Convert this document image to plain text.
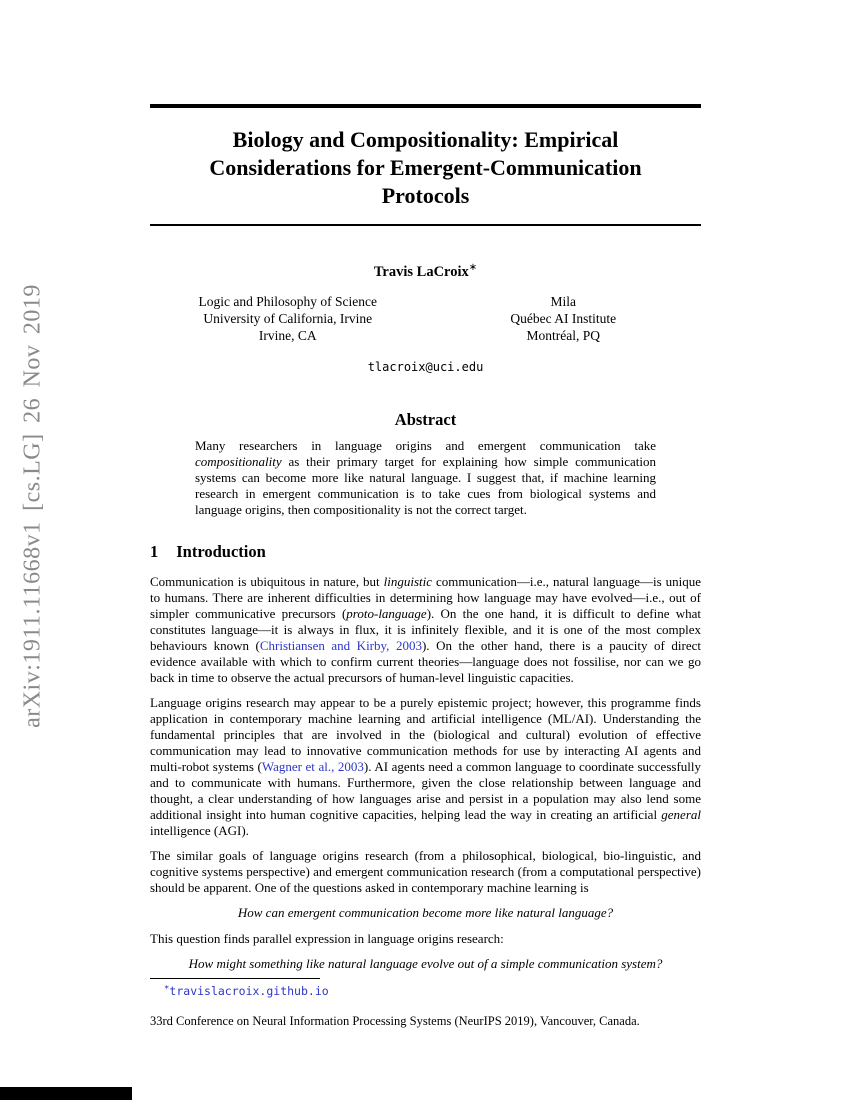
arXiv:1911.11668v1 [cs.LG] 26 Nov 2019
Biology and Compositionality: Empirical
Considerations for Emergent-Communication
Protocols
Travis LaCroix∗
Logic and Philosophy of Science
University of California, Irvine
Irvine, CA
Mila
Québec AI Institute
Montréal, PQ
tlacroix@uci.edu
Abstract
Many researchers in language origins and emergent communication take compositionality as their primary target for explaining how simple communication systems can become more like natural language. I suggest that, if machine learning research in emergent communication is to take cues from biological systems and language origins, then compositionality is not the correct target.
1 Introduction

Communication is ubiquitous in nature, but linguistic communication—i.e., natural language—is unique to humans. There are inherent difficulties in determining how language may have evolved—i.e., out of simpler communicative precursors (proto-language). On the one hand, it is difficult to define what constitutes language—it is always in flux, it is infinitely flexible, and it is one of the most complex behaviours known (Christiansen and Kirby, 2003). On the other hand, there is a paucity of direct evidence available with which to confirm current theories—language does not fossilise, nor can we go back in time to observe the actual precursors of human-level linguistic capacities.

Language origins research may appear to be a purely epistemic project; however, this programme finds application in contemporary machine learning and artificial intelligence (ML/AI). Understanding the fundamental principles that are involved in the (biological and cultural) evolution of effective communication may lead to innovative communication methods for use by interacting AI agents and multi-robot systems (Wagner et al., 2003). AI agents need a common language to coordinate successfully and to communicate with humans. Furthermore, given the close relationship between language and thought, a clear understanding of how languages arise and persist in a population may also lend some additional insight into human cognitive capacities, helping lead the way in creating an artificial general intelligence (AGI).

The similar goals of language origins research (from a philosophical, biological, bio-linguistic, and cognitive systems perspective) and emergent communication research (from a computational perspective) should be apparent. One of the questions asked in contemporary machine learning is

How can emergent communication become more like natural language?
This question finds parallel expression in language origins research:
How might something like natural language evolve out of a simple communication system?
∗travislacroix.github.io
33rd Conference on Neural Information Processing Systems (NeurIPS 2019), Vancouver, Canada.
